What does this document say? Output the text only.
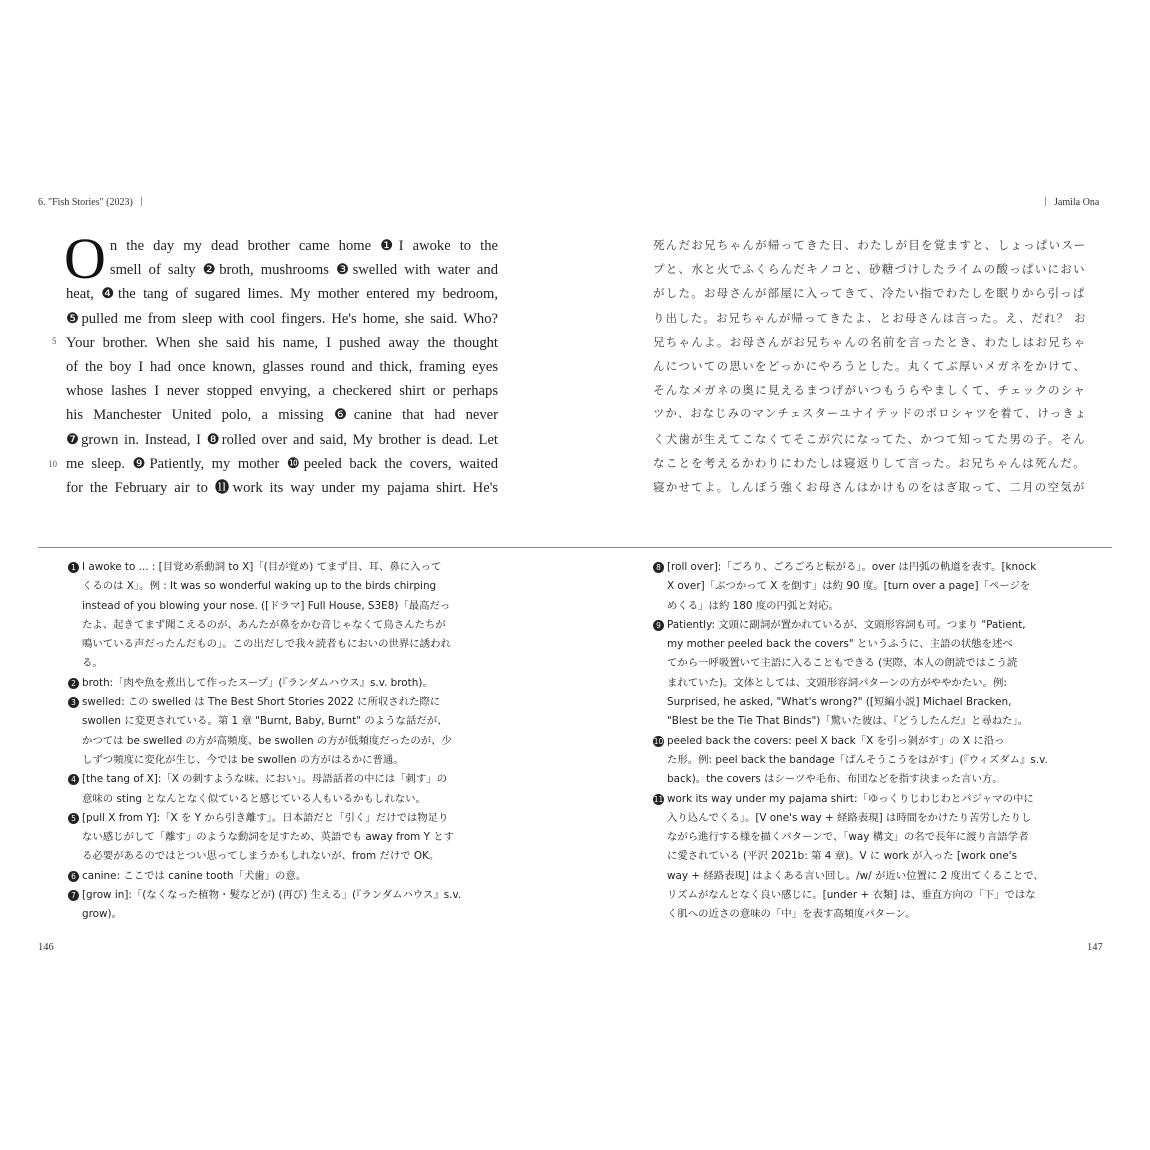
6. "Fish Stories" (2023)
O n the day my dead brother came home ❶I awoke to the
smell of salty ❷broth, mushrooms ❸swelled with water and
heat, ❹the tang of sugared limes. My mother entered my bedroom,
❺pulled me from sleep with cool fingers. He's home, she said. Who?
Your brother. When she said his name, I pushed away the thought
of the boy I had once known, glasses round and thick, framing eyes
whose lashes I never stopped envying, a checkered shirt or perhaps
his Manchester United polo, a missing ❻canine that had never
❼grown in. Instead, I ❽rolled over and said, My brother is dead. Let
me sleep. ❾Patiently, my mother ❿peeled back the covers, waited
for the February air to ⓫work its way under my pajama shirt. He's
5
10
1 I awoke to ... : [目覚め系動詞 to X]「(目が覚め) てまず目、耳、鼻に入って
くるのは X」。例 : It was so wonderful waking up to the birds chirping
instead of you blowing your nose. ([ドラマ] Full House, S3E8)「最高だっ
たよ、起きてまず聞こえるのが、あんたが鼻をかむ音じゃなくて鳥さんたちが
鳴いている声だったんだもの」。この出だしで我々読者もにおいの世界に誘われ
る。
2 broth:「肉や魚を煮出して作ったスープ」(『ランダムハウス』s.v. broth)。
3 swelled: この swelled は The Best Short Stories 2022 に所収された際に
swollen に変更されている。第 1 章 "Burnt, Baby, Burnt" のような話だが、
かつては be swelled の方が高頻度、be swollen の方が低頻度だったのが、少
しずつ頻度に変化が生じ、今では be swollen の方がはるかに普通。
4 [the tang of X]:「X の刺すような味、におい」。母語話者の中には「刺す」の
意味の sting となんとなく似ていると感じている人もいるかもしれない。
5 [pull X from Y]:「X を Y から引き離す」。日本語だと「引く」だけでは物足り
ない感じがして「離す」のような動詞を足すため、英語でも away from Y とす
る必要があるのではとつい思ってしまうかもしれないが、from だけで OK。
6 canine: ここでは canine tooth「犬歯」の意。
7 [grow in]:「(なくなった植物・髪などが) (再び) 生える」(『ランダムハウス』s.v.
grow)。
146
Jamila Ona
死んだお兄ちゃんが帰ってきた日、わたしが目を覚ますと、しょっぱいスー
プと、水と火でふくらんだキノコと、砂糖づけしたライムの酸っぱいにおい
がした。お母さんが部屋に入ってきて、冷たい指でわたしを眠りから引っぱ
り出した。お兄ちゃんが帰ってきたよ、とお母さんは言った。え、だれ？ お
兄ちゃんよ。お母さんがお兄ちゃんの名前を言ったとき、わたしはお兄ちゃ
んについての思いをどっかにやろうとした。丸くてぶ厚いメガネをかけて、
そんなメガネの奥に見えるまつげがいつもうらやましくて、チェックのシャ
ツか、おなじみのマンチェスターユナイテッドのポロシャツを着て、けっきょ
く犬歯が生えてこなくてそこが穴になってた、かつて知ってた男の子。そん
なことを考えるかわりにわたしは寝返りして言った。お兄ちゃんは死んだ。
寝かせてよ。しんぼう強くお母さんはかけものをはぎ取って、二月の空気が
8 [roll over]:「ごろり、ごろごろと転がる」。over は円弧の軌道を表す。[knock
X over]「ぶつかって X を倒す」は約 90 度。[turn over a page]「ページを
めくる」は約 180 度の円弧と対応。
9 Patiently: 文頭に副詞が置かれているが、文頭形容詞も可。つまり "Patient,
my mother peeled back the covers" というふうに、主語の状態を述べ
てから一呼吸置いて主語に入ることもできる (実際、本人の朗読ではこう読
まれていた)。文体としては、文頭形容詞パターンの方がややかたい。例:
Surprised, he asked, "What's wrong?" ([短編小説] Michael Bracken,
"Blest be the Tie That Binds")「驚いた彼は、『どうしたんだ』と尋ねた」。
10 peeled back the covers: peel X back「X を引っ剝がす」の X に沿っ
た形。例: peel back the bandage「ばんそうこうをはがす」(『ウィズダム』s.v.
back)。the covers はシーツや毛布、布団などを指す決まった言い方。
11 work its way under my pajama shirt:「ゆっくりじわじわとパジャマの中に
入り込んでくる」。[V one's way + 経路表現] は時間をかけたり苦労したりし
ながら進行する様を描くパターンで、「way 構文」の名で長年に渡り言語学者
に愛されている (平沢 2021b: 第 4 章)。V に work が入った [work one's
way + 経路表現] はよくある言い回し。/w/ が近い位置に 2 度出てくることで、
リズムがなんとなく良い感じに。[under + 衣類] は、垂直方向の「下」ではな
く肌への近さの意味の「中」を表す高頻度パターン。
147
